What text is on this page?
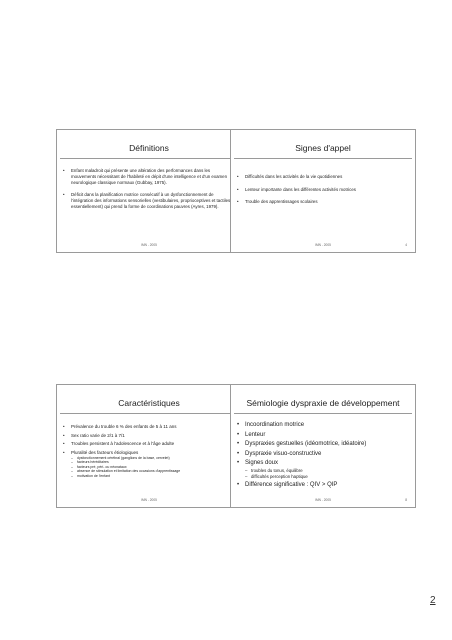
Définitions
• Enfant maladroit qui présente une altération des performances dans les mouvements nécessitant de l'habileté en dépit d'une intelligence et d'un examen neurologique classique normaux (Gubbay, 1975).
• Déficit dans la planification motrice consécutif à un dysfonctionnement de l'intégration des informations sensorielles (vestibulaires, proprioceptives et tactiles essentiellement) qui prend la forme de coordinations pauvres (Ayres, 1979).
IMN - 2005
Signes d'appel
• Difficultés dans les activités de la vie quotidiennes
• Lenteur importante dans les différentes activités motrices
• Trouble des apprentissages scolaires
IMN - 2005	4
Caractéristiques
• Prévalence du trouble 6 % des enfants de 5 à 11 ans
• Sex ratio varie de 2/1 à 7/1
• Troubles persistent à l'adolescence et à l'âge adulte
• Pluralité des facteurs étiologiques
– dysfonctionnement cérébral (ganglions de la base, cervelet)
– facteurs héréditaires
– facteurs pré, péri- ou néonataux
– absence de stimulation et limitation des occasions d'apprentissage
– motivation de l'enfant
IMN - 2005
Sémiologie dyspraxie de développement
• Incoordination motrice
• Lenteur
• Dyspraxies gestuelles (idéomotrice, idéatoire)
• Dyspraxie visuo-constructive
• Signes doux
– troubles du tonus, équilibre
– difficultés perception haptique
• Différence significative : QIV > QIP
IMN - 2005	8
2
